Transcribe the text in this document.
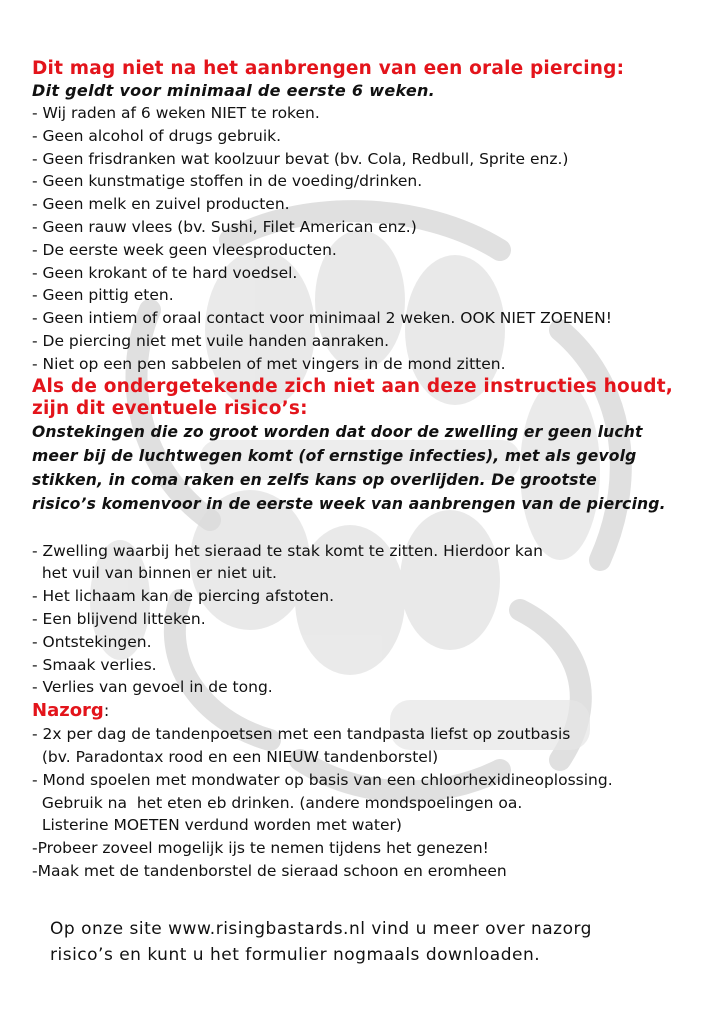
Dit mag niet na het aanbrengen van een orale piercing:

Dit geldt voor minimaal de eerste 6 weken.

- Wij raden af 6 weken NIET te roken.

- Geen alcohol of drugs gebruik.

- Geen frisdranken wat koolzuur bevat (bv. Cola, Redbull, Sprite enz.)

- Geen kunstmatige stoffen in de voeding/drinken.

- Geen melk en zuivel producten.

- Geen rauw vlees (bv. Sushi, Filet American enz.)

- De eerste week geen vleesproducten.

- Geen krokant of te hard voedsel.

- Geen pittig eten.

- Geen intiem of oraal contact voor minimaal 2 weken. OOK NIET ZOENEN!

- De piercing niet met vuile handen aanraken.

- Niet op een pen sabbelen of met vingers in de mond zitten.

Als de ondergetekende zich niet aan deze instructies houdt,

zijn dit eventuele risico’s:

Onstekingen die zo groot worden dat door de zwelling er geen lucht

meer bij de luchtwegen komt (of ernstige infecties), met als gevolg

stikken, in coma raken en zelfs kans op overlijden. De grootste

risico’s komenvoor in de eerste week van aanbrengen van de piercing.

- Zwelling waarbij het sieraad te stak komt te zitten. Hierdoor kan

het vuil van binnen er niet uit.

- Het lichaam kan de piercing afstoten.

- Een blijvend litteken.

- Ontstekingen.

- Smaak verlies.

- Verlies van gevoel in de tong.

Nazorg:

- 2x per dag de tandenpoetsen met een tandpasta liefst op zoutbasis

(bv. Paradontax rood en een NIEUW tandenborstel)

- Mond spoelen met mondwater op basis van een chloorhexidineoplossing.

Gebruik na  het eten eb drinken. (andere mondspoelingen oa.

Listerine MOETEN verdund worden met water)

-Probeer zoveel mogelijk ijs te nemen tijdens het genezen!

-Maak met de tandenborstel de sieraad schoon en eromheen

Op onze site www.risingbastards.nl vind u meer over nazorg

risico’s en kunt u het formulier nogmaals downloaden.
